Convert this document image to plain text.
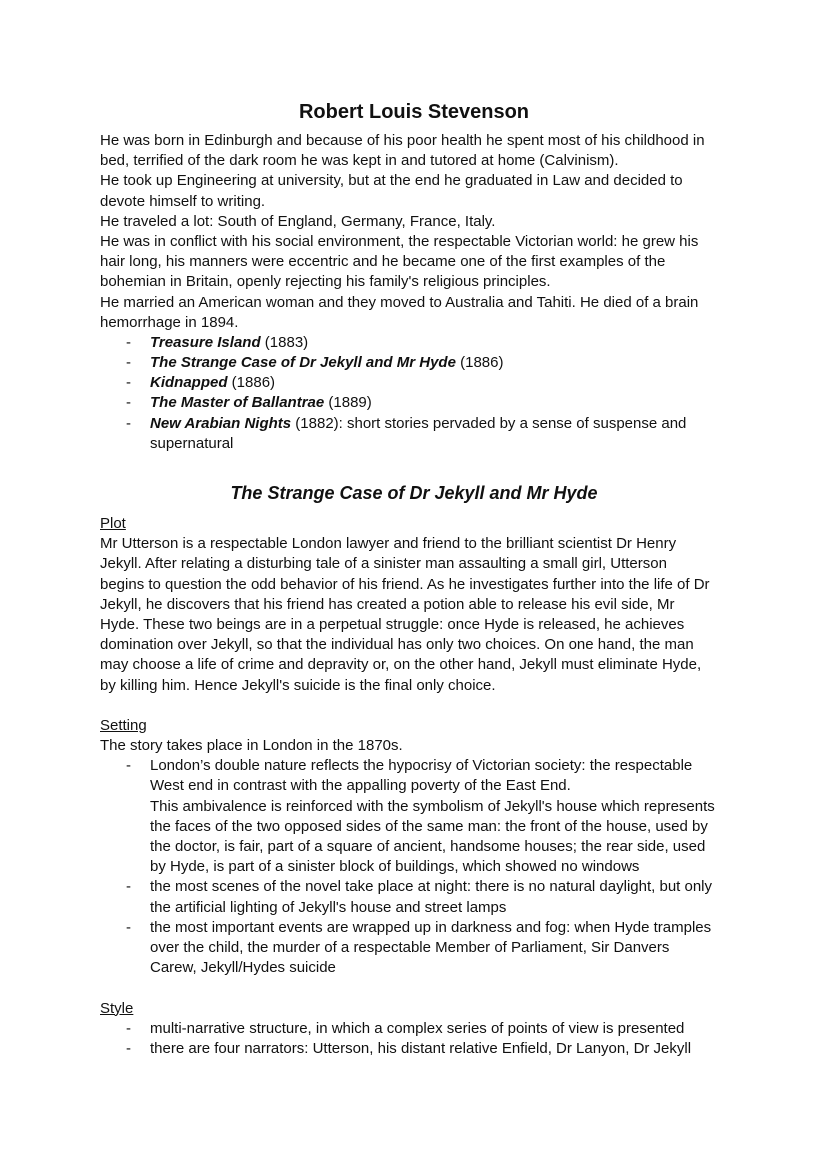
Robert Louis Stevenson
He was born in Edinburgh and because of his poor health he spent most of his childhood in
bed, terrified of the dark room he was kept in and tutored at home (Calvinism).
He took up Engineering at university, but at the end he graduated in Law and decided to
devote himself to writing.
He traveled a lot: South of England, Germany, France, Italy.
He was in conflict with his social environment, the respectable Victorian world: he grew his
hair long, his manners were eccentric and he became one of the first examples of the
bohemian in Britain, openly rejecting his family's religious principles.
He married an American woman and they moved to Australia and Tahiti. He died of a brain
hemorrhage in 1894.
- Treasure Island (1883)
- The Strange Case of Dr Jekyll and Mr Hyde (1886)
- Kidnapped (1886)
- The Master of Ballantrae (1889)
- New Arabian Nights (1882): short stories pervaded by a sense of suspense and
supernatural
The Strange Case of Dr Jekyll and Mr Hyde
Plot
Mr Utterson is a respectable London lawyer and friend to the brilliant scientist Dr Henry
Jekyll. After relating a disturbing tale of a sinister man assaulting a small girl, Utterson
begins to question the odd behavior of his friend. As he investigates further into the life of Dr
Jekyll, he discovers that his friend has created a potion able to release his evil side, Mr
Hyde. These two beings are in a perpetual struggle: once Hyde is released, he achieves
domination over Jekyll, so that the individual has only two choices. On one hand, the man
may choose a life of crime and depravity or, on the other hand, Jekyll must eliminate Hyde,
by killing him. Hence Jekyll's suicide is the final only choice.
Setting
The story takes place in London in the 1870s.
London’s double nature reflects the hypocrisy of Victorian society: the respectable
-
West end in contrast with the appalling poverty of the East End.
This ambivalence is reinforced with the symbolism of Jekyll's house which represents
the faces of the two opposed sides of the same man: the front of the house, used by
the doctor, is fair, part of a square of ancient, handsome houses; the rear side, used
by Hyde, is part of a sinister block of buildings, which showed no windows
the most scenes of the novel take place at night: there is no natural daylight, but only
-
the artificial lighting of Jekyll's house and street lamps
the most important events are wrapped up in darkness and fog: when Hyde tramples
-
over the child, the murder of a respectable Member of Parliament, Sir Danvers
Carew, Jekyll/Hydes suicide
Style
multi-narrative structure, in which a complex series of points of view is presented
-
there are four narrators: Utterson, his distant relative Enfield, Dr Lanyon, Dr Jekyll
-
